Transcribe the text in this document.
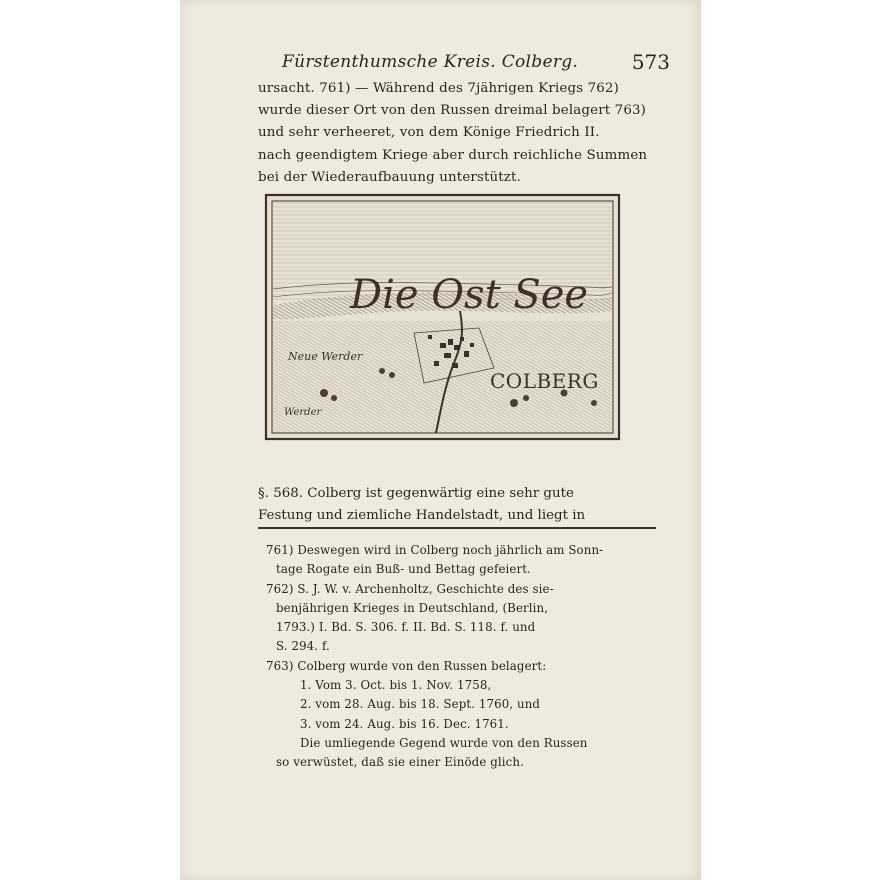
Fürstenthumsche Kreis. Colberg.	573
ursacht. 761) — Während des 7jährigen Kriegs 762)
wurde dieser Ort von den Russen dreimal belagert 763)
und sehr verheeret, von dem Könige Friedrich II.
nach geendigtem Kriege aber durch reichliche Summen
bei der Wiederaufbauung unterstützt.
Die Ost See
COLBERG
Neue Werder
Werder
§. 568. Colberg ist gegenwärtig eine sehr gute
Festung und ziemliche Handelstadt, und liegt in
761) Deswegen wird in Colberg noch jährlich am Sonn-
tage Rogate ein Buß- und Bettag gefeiert.
762) S. J. W. v. Archenholtz, Geschichte des sie-
benjährigen Krieges in Deutschland, (Berlin,
1793.) I. Bd. S. 306. f. II. Bd. S. 118. f. und
S. 294. f.
763) Colberg wurde von den Russen belagert:
1. Vom 3. Oct. bis 1. Nov. 1758,
2. vom 28. Aug. bis 18. Sept. 1760, und
3. vom 24. Aug. bis 16. Dec. 1761.
Die umliegende Gegend wurde von den Russen
so verwüstet, daß sie einer Einöde glich.
